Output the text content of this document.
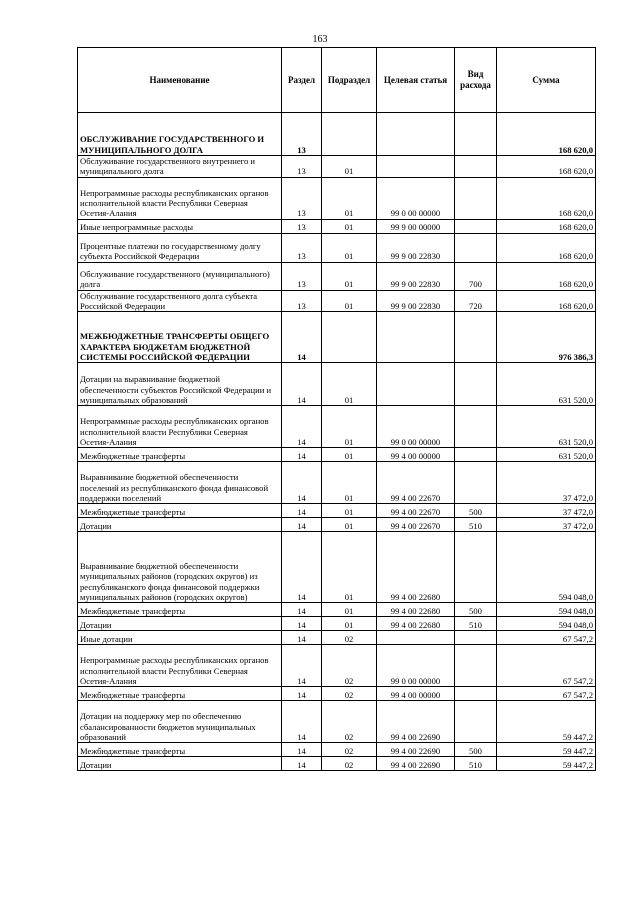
163
Наименование	Раздел	Подраздел	Целевая статья	Вид расхода	Сумма
ОБСЛУЖИВАНИЕ ГОСУДАРСТВЕННОГО И МУНИЦИПАЛЬНОГО ДОЛГА	13				168 620,0
Обслуживание государственного внутреннего и муниципального долга	13	01			168 620,0
Непрограммные расходы республиканских органов исполнительной власти Республики Северная Осетия-Алания	13	01	99 0 00 00000		168 620,0
Иные непрограммные расходы	13	01	99 9 00 00000		168 620,0
Процентные платежи по государственному долгу субъекта Российской Федерации	13	01	99 9 00 22830		168 620,0
Обслуживание государственного (муниципального) долга	13	01	99 9 00 22830	700	168 620,0
Обслуживание государственного долга субъекта Российской Федерации	13	01	99 9 00 22830	720	168 620,0
МЕЖБЮДЖЕТНЫЕ ТРАНСФЕРТЫ ОБЩЕГО ХАРАКТЕРА БЮДЖЕТАМ БЮДЖЕТНОЙ СИСТЕМЫ РОССИЙСКОЙ ФЕДЕРАЦИИ	14				976 386,3
Дотации на выравнивание бюджетной обеспеченности субъектов Российской Федерации и муниципальных образований	14	01			631 520,0
Непрограммные расходы республиканских органов исполнительной власти Республики Северная Осетия-Алания	14	01	99 0 00 00000		631 520,0
Межбюджетные трансферты	14	01	99 4 00 00000		631 520,0
Выравнивание бюджетной обеспеченности поселений из республиканского фонда финансовой поддержки поселений	14	01	99 4 00 22670		37 472,0
Межбюджетные трансферты	14	01	99 4 00 22670	500	37 472,0
Дотации	14	01	99 4 00 22670	510	37 472,0
Выравнивание бюджетной обеспеченности муниципальных районов (городских округов) из республиканского фонда финансовой поддержки муниципальных районов (городских округов)	14	01	99 4 00 22680		594 048,0
Межбюджетные трансферты	14	01	99 4 00 22680	500	594 048,0
Дотации	14	01	99 4 00 22680	510	594 048,0
Иные дотации	14	02			67 547,2
Непрограммные расходы республиканских органов исполнительной власти Республики Северная Осетия-Алания	14	02	99 0 00 00000		67 547,2
Межбюджетные трансферты	14	02	99 4 00 00000		67 547,2
Дотации на поддержку мер по обеспечению сбалансированности бюджетов муниципальных образований	14	02	99 4 00 22690		59 447,2
Межбюджетные трансферты	14	02	99 4 00 22690	500	59 447,2
Дотации	14	02	99 4 00 22690	510	59 447,2
